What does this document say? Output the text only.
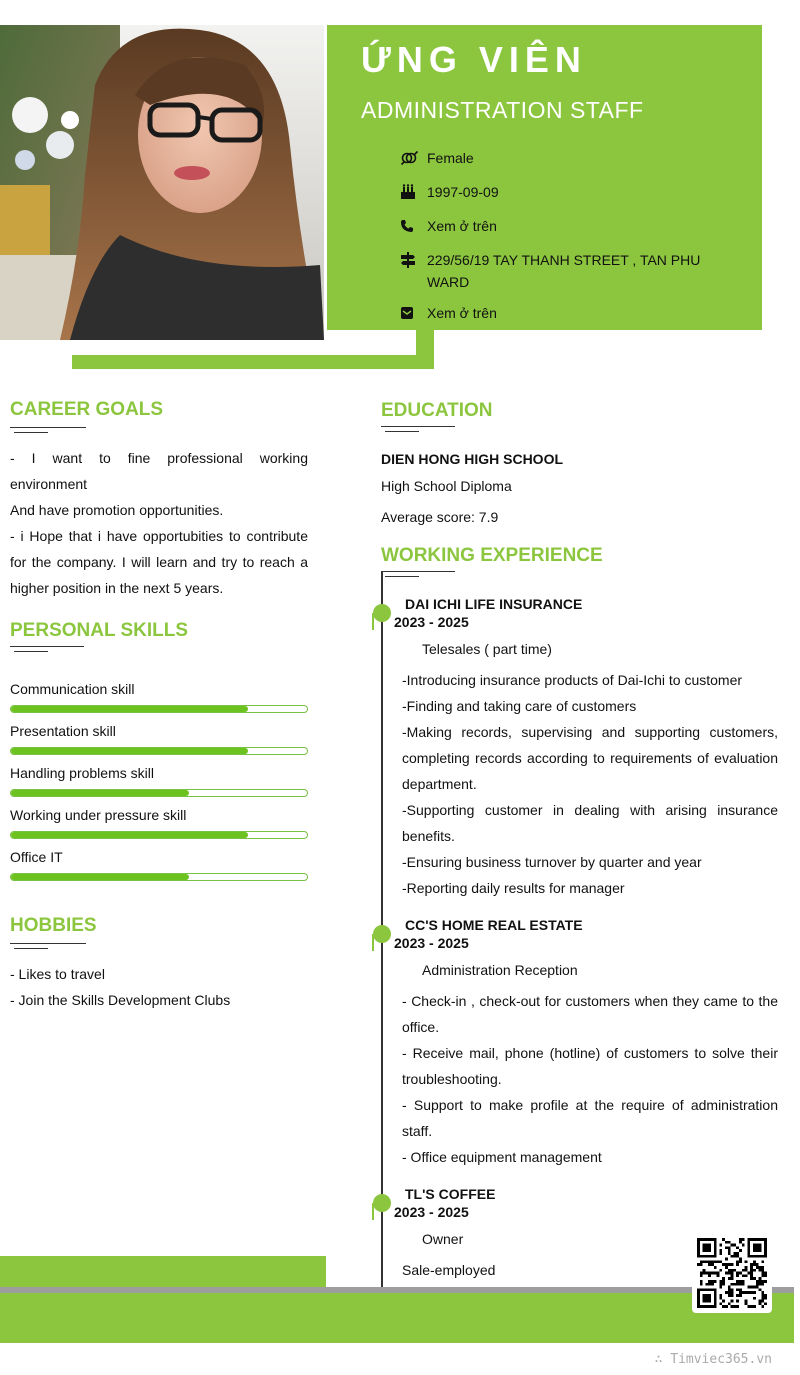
ỨNG VIÊN
ADMINISTRATION STAFF
Female
1997-09-09
Xem ở trên
229/56/19 TAY THANH STREET , TAN PHU WARD
Xem ở trên
CAREER GOALS
- I want to fine professional working environment
And have promotion opportunities.
- i Hope that i have opportubities to contribute for the company. I will learn and try to reach a higher position in the next 5 years.
PERSONAL SKILLS
Communication skill
Presentation skill
Handling problems skill
Working under pressure skill
Office IT
HOBBIES
- Likes to travel
- Join the Skills Development Clubs
EDUCATION
DIEN HONG HIGH SCHOOL
High School Diploma
Average score: 7.9
WORKING EXPERIENCE
DAI ICHI LIFE INSURANCE
2023 - 2025
Telesales ( part time)
-Introducing insurance products of Dai-Ichi to customer
-Finding and taking care of customers
-Making records, supervising and supporting customers, completing records according to requirements of evaluation department.
-Supporting customer in dealing with arising insurance benefits.
-Ensuring business turnover by quarter and year
-Reporting daily results for manager
CC'S HOME REAL ESTATE
2023 - 2025
Administration Reception
- Check-in , check-out for customers when they came to the office.
- Receive mail, phone (hotline) of customers to solve their troubleshooting.
- Support to make profile at the require of administration staff.
- Office equipment management
TL'S COFFEE
2023 - 2025
Owner
Sale-employed
∴ Timviec365.vn
